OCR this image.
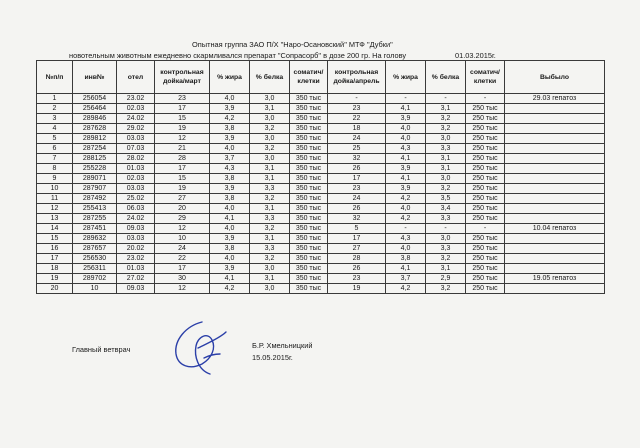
Опытная группа ЗАО П/Х "Наро-Осановский" МТФ "Дубки"
новотельным животным ежедневно скармливался препарат "Сопрасорб" в дозе 200 гр. На голову	01.03.2015г.
№п/п	инв№	отел	контрольная дойка/март	% жира	% белка	соматич/ клетки	контрольная дойка/апрель	% жира	% белка	соматич/ клетки	Выбыло
1	256054	23.02	23	4,0	3,0	350 тыс	-	-	-	-	29.03 гепатоз
2	256464	02.03	17	3,9	3,1	350 тыс	23	4,1	3,1	250 тыс	
3	289846	24.02	15	4,2	3,0	350 тыс	22	3,9	3,2	250 тыс	
4	287628	29.02	19	3,8	3,2	350 тыс	18	4,0	3,2	250 тыс	
5	289812	03.03	12	3,9	3,0	350 тыс	24	4,0	3,0	250 тыс	
6	287254	07.03	21	4,0	3,2	350 тыс	25	4,3	3,3	250 тыс	
7	288125	28.02	28	3,7	3,0	350 тыс	32	4,1	3,1	250 тыс	
8	255228	01.03	17	4,3	3,1	350 тыс	26	3,9	3,1	250 тыс	
9	289071	02.03	15	3,8	3,1	350 тыс	17	4,1	3,0	250 тыс	
10	287907	03.03	19	3,9	3,3	350 тыс	23	3,9	3,2	250 тыс	
11	287492	25.02	27	3,8	3,2	350 тыс	24	4,2	3,5	250 тыс	
12	255413	06.03	20	4,0	3,1	350 тыс	26	4,0	3,4	250 тыс	
13	287255	24.02	29	4,1	3,3	350 тыс	32	4,2	3,3	250 тыс	
14	287451	09.03	12	4,0	3,2	350 тыс	5	-	-	-	10.04 гепатоз
15	289632	03.03	10	3,9	3,1	350 тыс	17	4,3	3,0	250 тыс	
16	287657	20.02	24	3,8	3,3	350 тыс	27	4,0	3,3	250 тыс	
17	256530	23.02	22	4,0	3,2	350 тыс	28	3,8	3,2	250 тыс	
18	256311	01.03	17	3,9	3,0	350 тыс	26	4,1	3,1	250 тыс	
19	289702	27.02	30	4,1	3,1	350 тыс	23	3,7	2,9	250 тыс	19.05 гепатоз
20	10	09.03	12	4,2	3,0	350 тыс	19	4,2	3,2	250 тыс	
Главный ветврач	Б.Р. Хмельницкий
15.05.2015г.
